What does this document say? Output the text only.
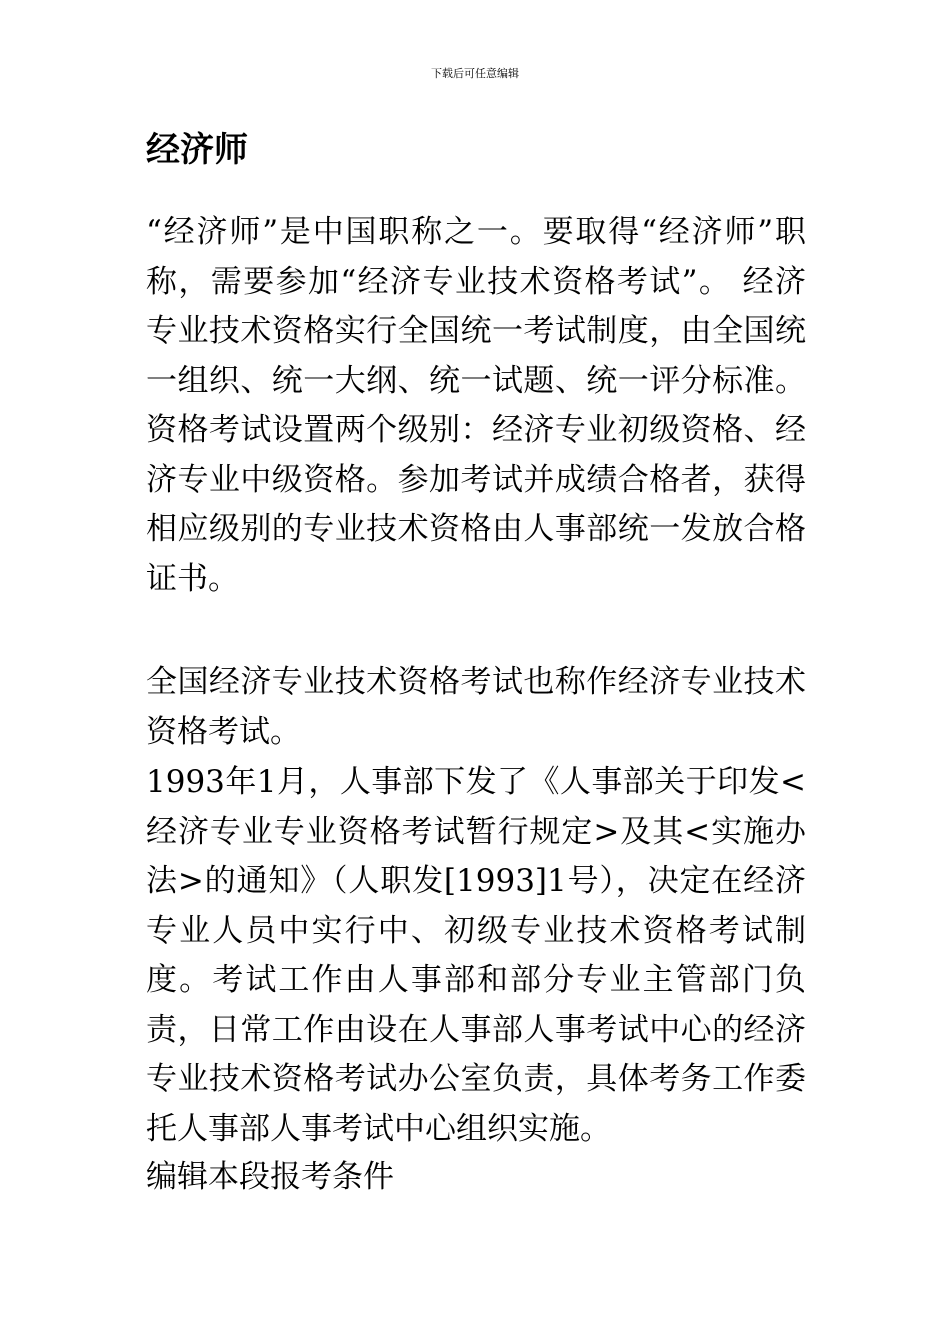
下载后可任意编辑
经济师

“经济师”是中国职称之一。要取得“经济师”职称，需要参加“经济专业技术资格考试”。 经济专业技术资格实行全国统一考试制度，由全国统一组织、统一大纲、统一试题、统一评分标准。资格考试设置两个级别：经济专业初级资格、经济专业中级资格。参加考试并成绩合格者，获得相应级别的专业技术资格由人事部统一发放合格证书。

全国经济专业技术资格考试也称作经济专业技术资格考试。

1993年1月，人事部下发了《人事部关于印发<经济专业专业资格考试暂行规定>及其<实施办法>的通知》（人职发[1993]1号），决定在经济专业人员中实行中、初级专业技术资格考试制度。考试工作由人事部和部分专业主管部门负责，日常工作由设在人事部人事考试中心的经济专业技术资格考试办公室负责，具体考务工作委托人事部人事考试中心组织实施。

编辑本段报考条件
